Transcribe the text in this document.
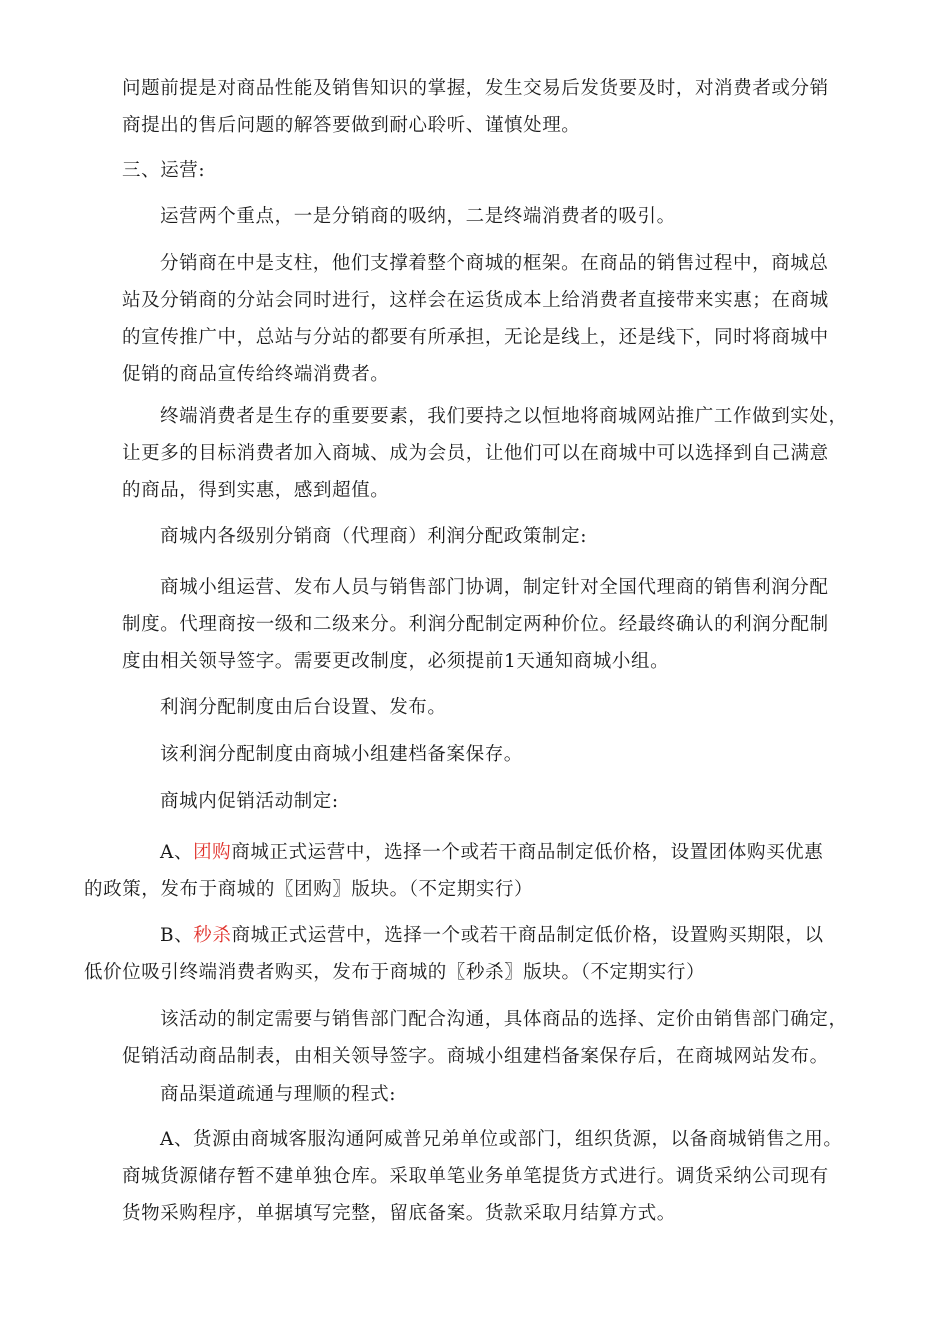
问题前提是对商品性能及销售知识的掌握，发生交易后发货要及时，对消费者或分销
商提出的售后问题的解答要做到耐心聆听、谨慎处理。
三、运营:
运营两个重点，一是分销商的吸纳，二是终端消费者的吸引。
分销商在中是支柱，他们支撑着整个商城的框架。在商品的销售过程中，商城总
站及分销商的分站会同时进行，这样会在运货成本上给消费者直接带来实惠；在商城
的宣传推广中，总站与分站的都要有所承担，无论是线上，还是线下，同时将商城中
促销的商品宣传给终端消费者。
终端消费者是生存的重要要素，我们要持之以恒地将商城网站推广工作做到实处，
让更多的目标消费者加入商城、成为会员，让他们可以在商城中可以选择到自己满意
的商品，得到实惠，感到超值。
商城内各级别分销商（代理商）利润分配政策制定:
商城小组运营、发布人员与销售部门协调，制定针对全国代理商的销售利润分配
制度。代理商按一级和二级来分。利润分配制定两种价位。经最终确认的利润分配制
度由相关领导签字。需要更改制度，必须提前1天通知商城小组。
利润分配制度由后台设置、发布。
该利润分配制度由商城小组建档备案保存。
商城内促销活动制定:
A、团购商城正式运营中，选择一个或若干商品制定低价格，设置团体购买优惠
的政策，发布于商城的〖团购〗版块。（不定期实行）
B、秒杀商城正式运营中，选择一个或若干商品制定低价格，设置购买期限，以
低价位吸引终端消费者购买，发布于商城的〖秒杀〗版块。（不定期实行）
该活动的制定需要与销售部门配合沟通，具体商品的选择、定价由销售部门确定，
促销活动商品制表，由相关领导签字。商城小组建档备案保存后，在商城网站发布。
商品渠道疏通与理顺的程式:
A、货源由商城客服沟通阿威普兄弟单位或部门，组织货源，以备商城销售之用。
商城货源储存暂不建单独仓库。采取单笔业务单笔提货方式进行。调货采纳公司现有
货物采购程序，单据填写完整，留底备案。货款采取月结算方式。
